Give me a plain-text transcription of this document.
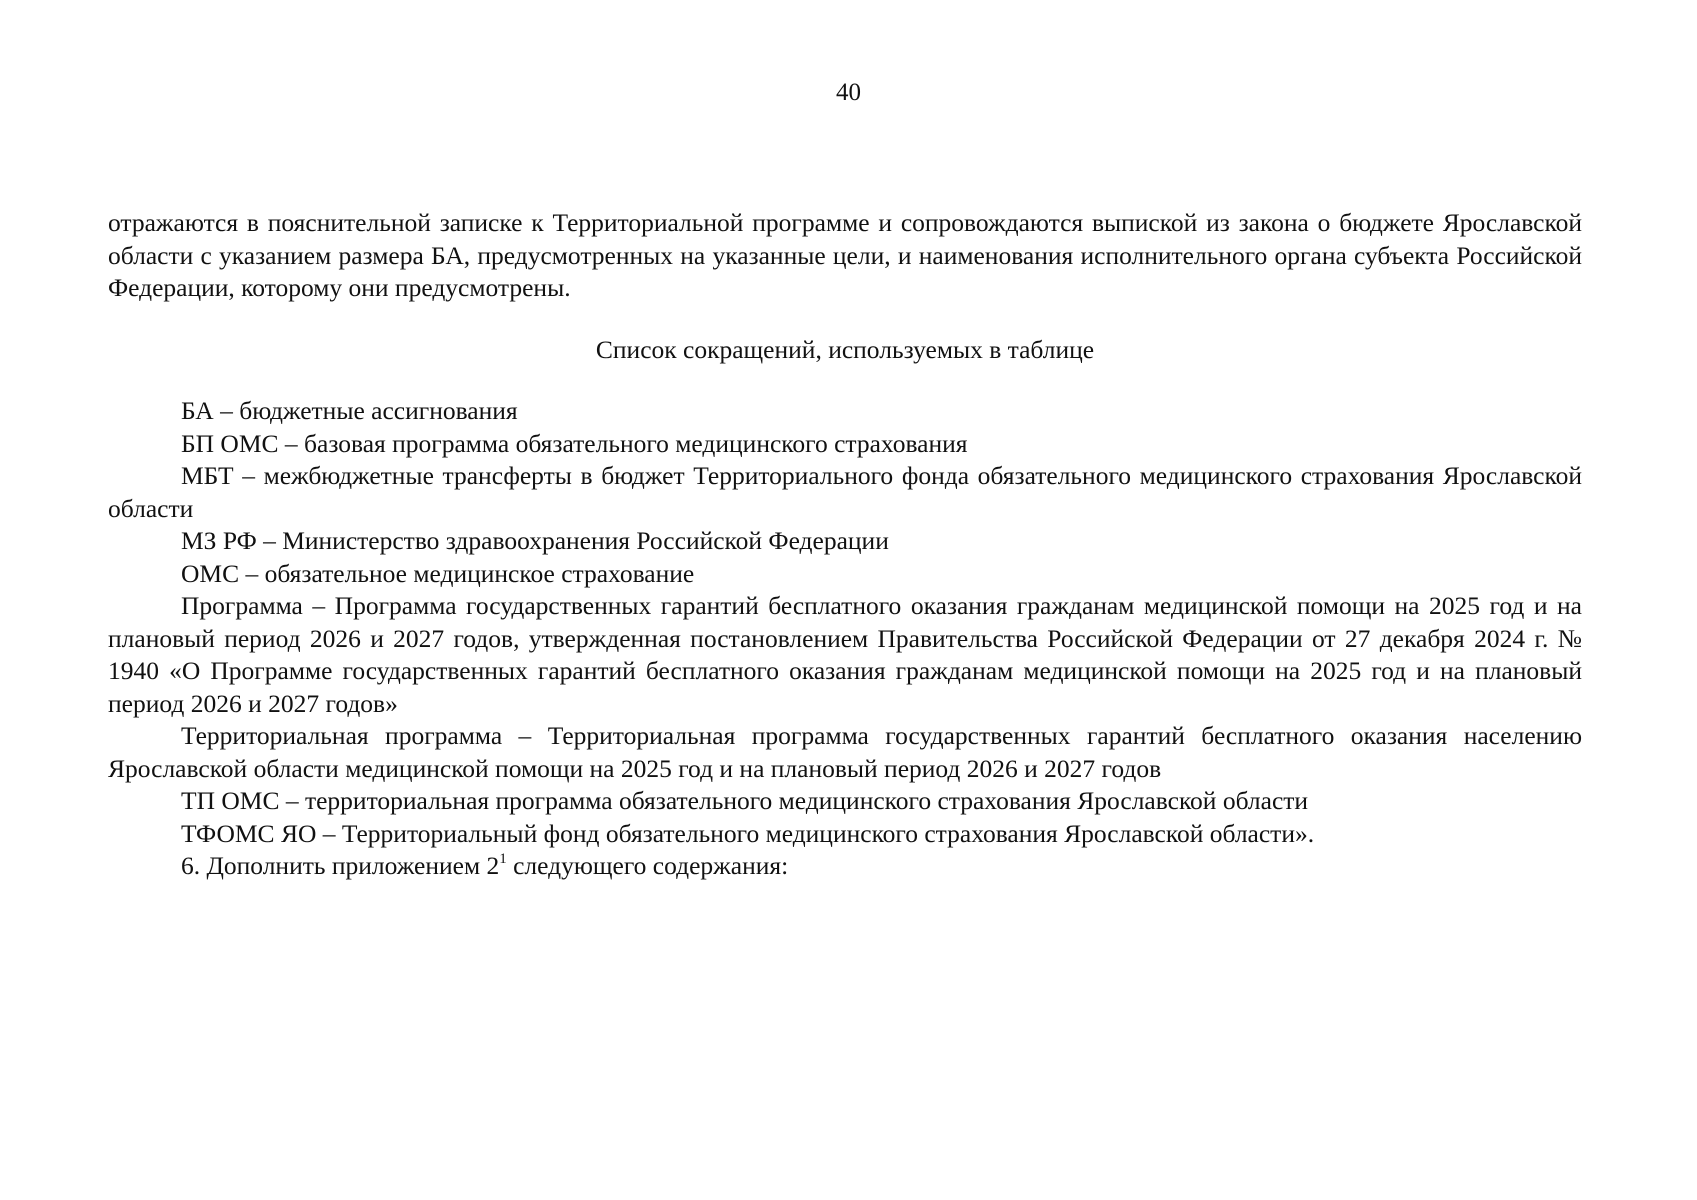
40

отражаются в пояснительной записке к Территориальной программе и сопровождаются выпиской из закона о бюджете Ярославской области с указанием размера БА, предусмотренных на указанные цели, и наименования исполнительного органа субъекта Российской Федерации, которому они предусмотрены.

Список сокращений, используемых в таблице

БА – бюджетные ассигнования

БП ОМС – базовая программа обязательного медицинского страхования

МБТ – межбюджетные трансферты в бюджет Территориального фонда обязательного медицинского страхования Ярославской области

МЗ РФ – Министерство здравоохранения Российской Федерации

ОМС – обязательное медицинское страхование

Программа – Программа государственных гарантий бесплатного оказания гражданам медицинской помощи на 2025 год и на плановый период 2026 и 2027 годов, утвержденная постановлением Правительства Российской Федерации от 27 декабря 2024 г. № 1940 «О Программе государственных гарантий бесплатного оказания гражданам медицинской помощи на 2025 год и на плановый период 2026 и 2027 годов»

Территориальная программа – Территориальная программа государственных гарантий бесплатного оказания населению Ярославской области медицинской помощи на 2025 год и на плановый период 2026 и 2027 годов

ТП ОМС – территориальная программа обязательного медицинского страхования Ярославской области

ТФОМС ЯО – Территориальный фонд обязательного медицинского страхования Ярославской области».

6. Дополнить приложением $2^1$ следующего содержания:
